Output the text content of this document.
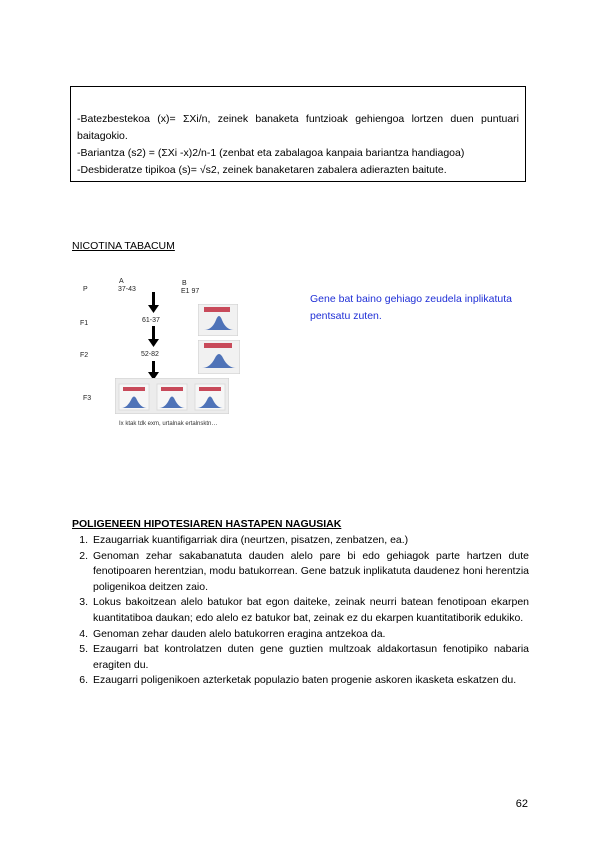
-Batezbestekoa (x)= ΣXi/n, zeinek banaketa funtzioak gehiengoa lortzen duen puntuari baitagokio.

-Bariantza (s2) = (ΣXi -x)2/n-1 (zenbat eta zabalagoa kanpaia bariantza handiagoa)

-Desbideratze tipikoa (s)= √s2, zeinek banaketaren zabalera adierazten baitute.

NICOTINA TABACUM
P
F1
F2
F3
A
37-43
B
E1 97
61-37
52-82
Ix ktak tdk exm, urtalnak ertalnsktn…
Gene bat baino gehiago zeudela inplikatuta pentsatu zuten.
POLIGENEEN HIPOTESIAREN HASTAPEN NAGUSIAK
1. Ezaugarriak kuantifigarriak dira (neurtzen, pisatzen, zenbatzen, ea.)
2. Genoman zehar sakabanatuta dauden alelo pare bi edo gehiagok parte hartzen dute fenotipoaren herentzian, modu batukorrean. Gene batzuk inplikatuta daudenez honi herentzia poligenikoa deitzen zaio.
3. Lokus bakoitzean alelo batukor bat egon daiteke, zeinak neurri batean fenotipoan ekarpen kuantitatiboa daukan; edo alelo ez batukor bat, zeinak ez du ekarpen kuantitatiborik edukiko.
4. Genoman zehar dauden alelo batukorren eragina antzekoa da.
5. Ezaugarri bat kontrolatzen duten gene guztien multzoak aldakortasun fenotipiko nabaria eragiten du.
6. Ezaugarri poligenikoen azterketak populazio baten progenie askoren ikasketa eskatzen du.
62
